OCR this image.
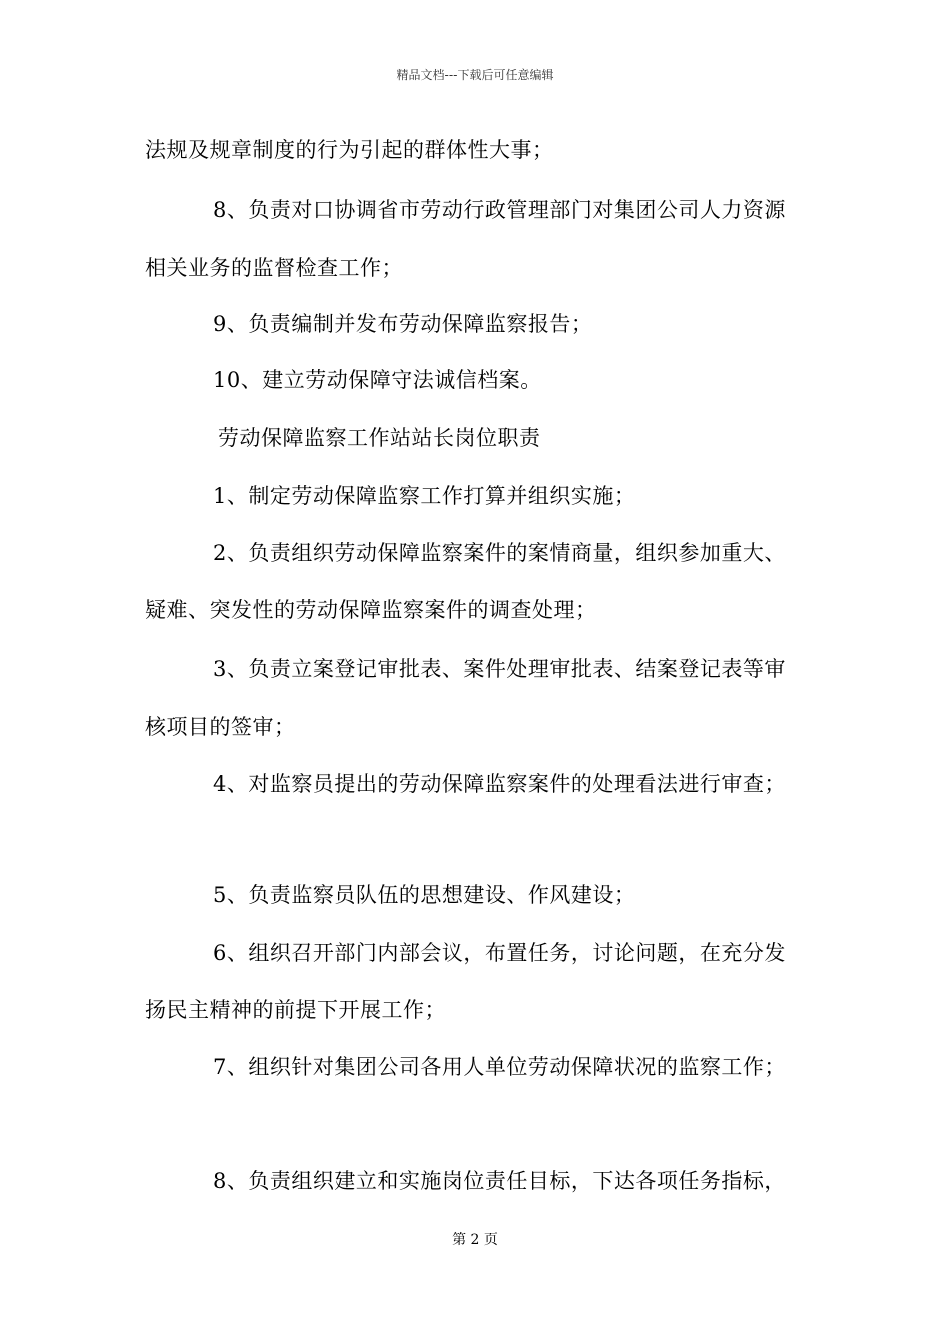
精品文档---下载后可任意编辑
法规及规章制度的行为引起的群体性大事；
8、负责对口协调省市劳动行政管理部门对集团公司人力资源
相关业务的监督检查工作；
9、负责编制并发布劳动保障监察报告；
10、建立劳动保障守法诚信档案。
劳动保障监察工作站站长岗位职责
1、制定劳动保障监察工作打算并组织实施；
2、负责组织劳动保障监察案件的案情商量，组织参加重大、
疑难、突发性的劳动保障监察案件的调查处理；
3、负责立案登记审批表、案件处理审批表、结案登记表等审
核项目的签审；
4、对监察员提出的劳动保障监察案件的处理看法进行审查；
5、负责监察员队伍的思想建设、作风建设；
6、组织召开部门内部会议，布置任务，讨论问题，在充分发
扬民主精神的前提下开展工作；
7、组织针对集团公司各用人单位劳动保障状况的监察工作；
8、负责组织建立和实施岗位责任目标，下达各项任务指标，
第 2 页
